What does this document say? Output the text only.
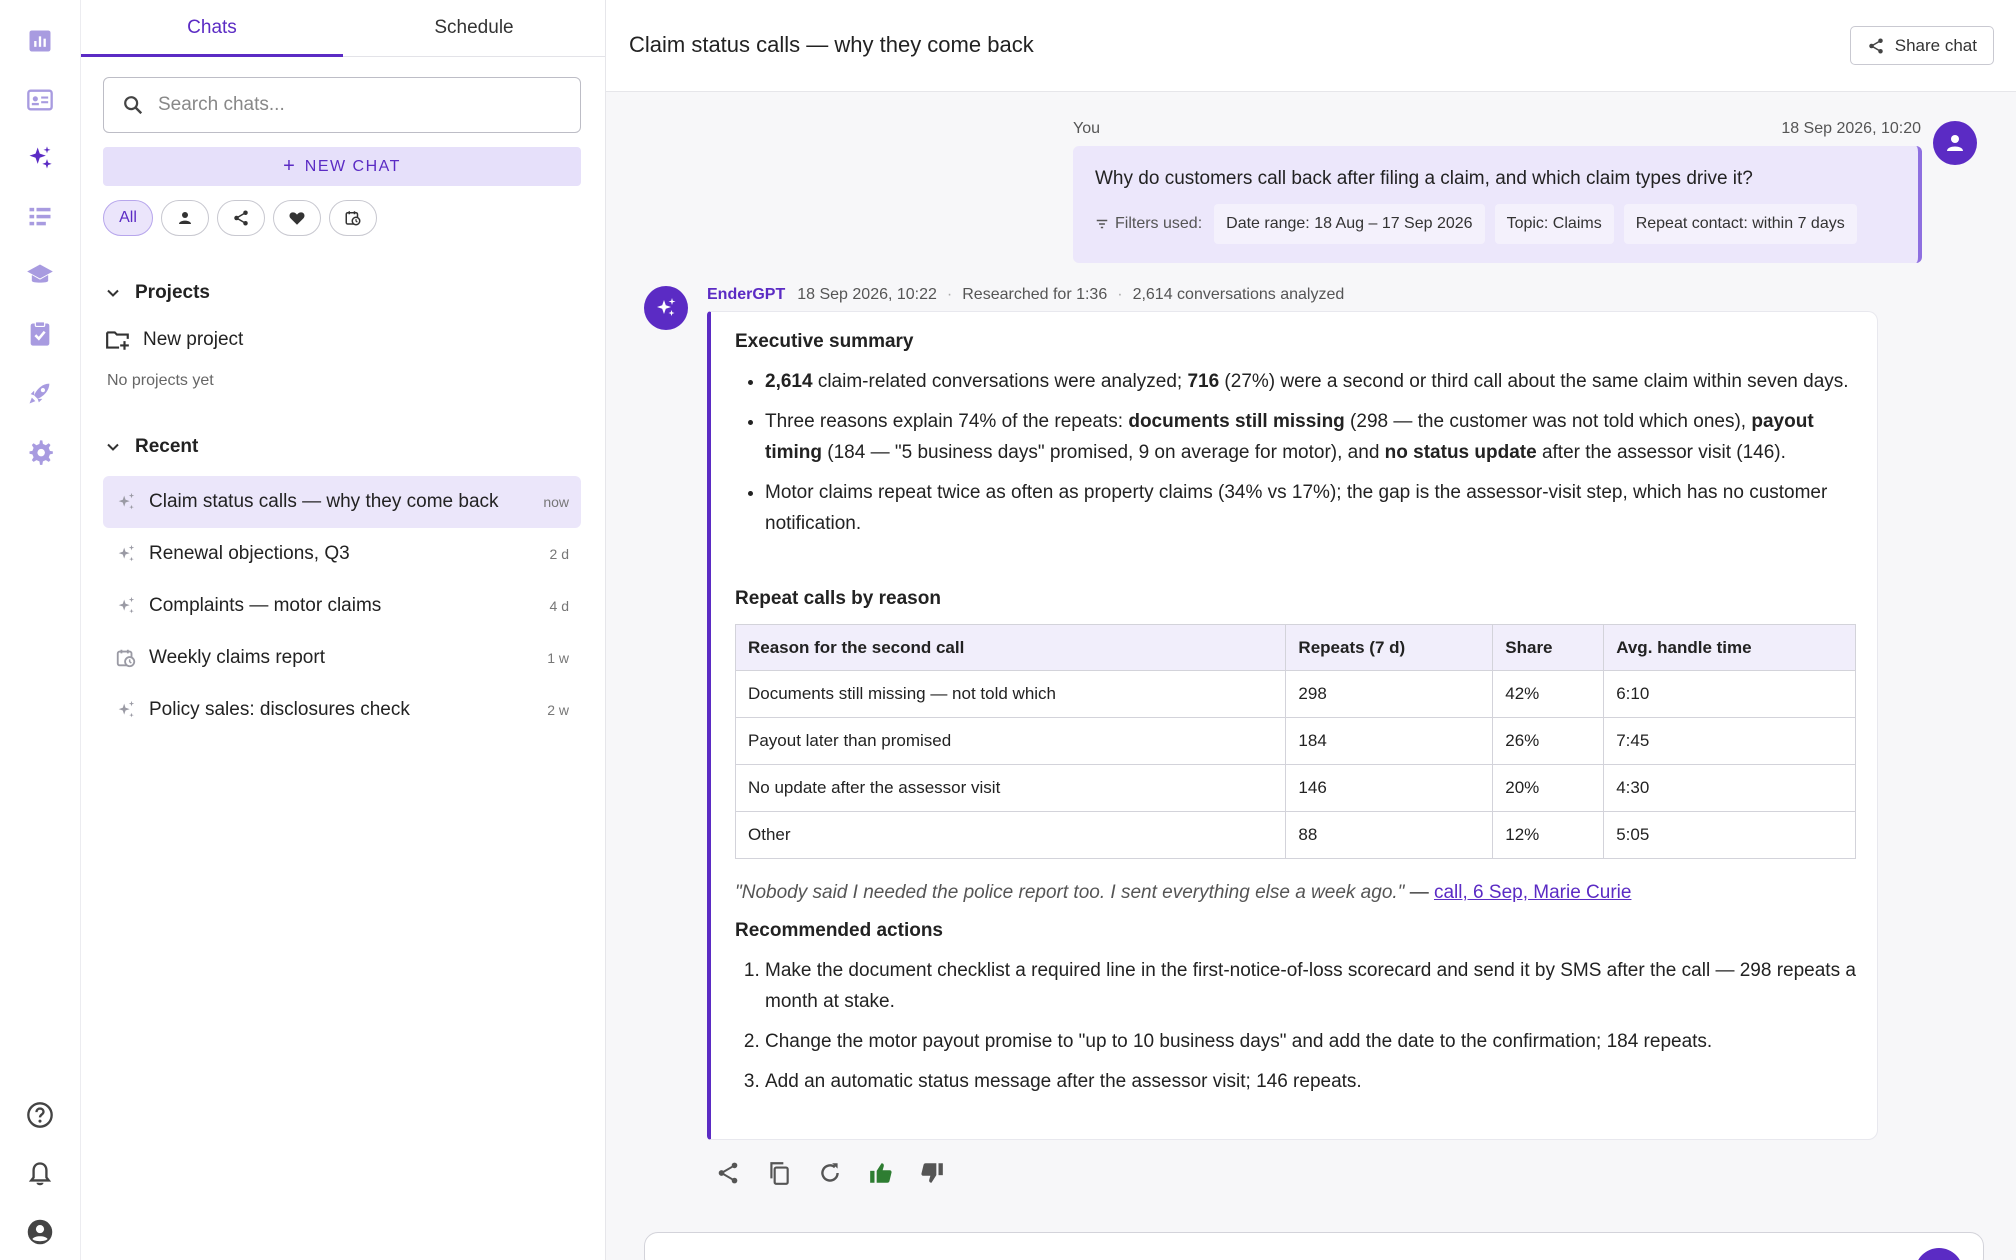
Chats	Schedule
Search chats...
+ NEW CHAT
All
Projects
New project
No projects yet
Recent
Claim status calls — why they come back	now
Renewal objections, Q3	2 d
Complaints — motor claims	4 d
Weekly claims report	1 w
Policy sales: disclosures check	2 w
Claim status calls — why they come back	Share chat
You	18 Sep 2026, 10:20
Why do customers call back after filing a claim, and which claim types drive it?
Filters used:	Date range: 18 Aug – 17 Sep 2026	Topic: Claims	Repeat contact: within 7 days
EnderGPT 18 Sep 2026, 10:22 · Researched for 1:36 · 2,614 conversations analyzed
Executive summary
• 2,614 claim-related conversations were analyzed; 716 (27%) were a second or third call about the same claim within seven days.
• Three reasons explain 74% of the repeats: documents still missing (298 — the customer was not told which ones), payout timing (184 — "5 business days" promised, 9 on average for motor), and no status update after the assessor visit (146).
• Motor claims repeat twice as often as property claims (34% vs 17%); the gap is the assessor-visit step, which has no customer notification.
Repeat calls by reason
Reason for the second call	Repeats (7 d)	Share	Avg. handle time
Documents still missing — not told which	298	42%	6:10
Payout later than promised	184	26%	7:45
No update after the assessor visit	146	20%	4:30
Other	88	12%	5:05
"Nobody said I needed the police report too. I sent everything else a week ago." — call, 6 Sep, Marie Curie
Recommended actions
1. Make the document checklist a required line in the first-notice-of-loss scorecard and send it by SMS after the call — 298 repeats a month at stake.
2. Change the motor payout promise to "up to 10 business days" and add the date to the confirmation; 184 repeats.
3. Add an automatic status message after the assessor visit; 146 repeats.
